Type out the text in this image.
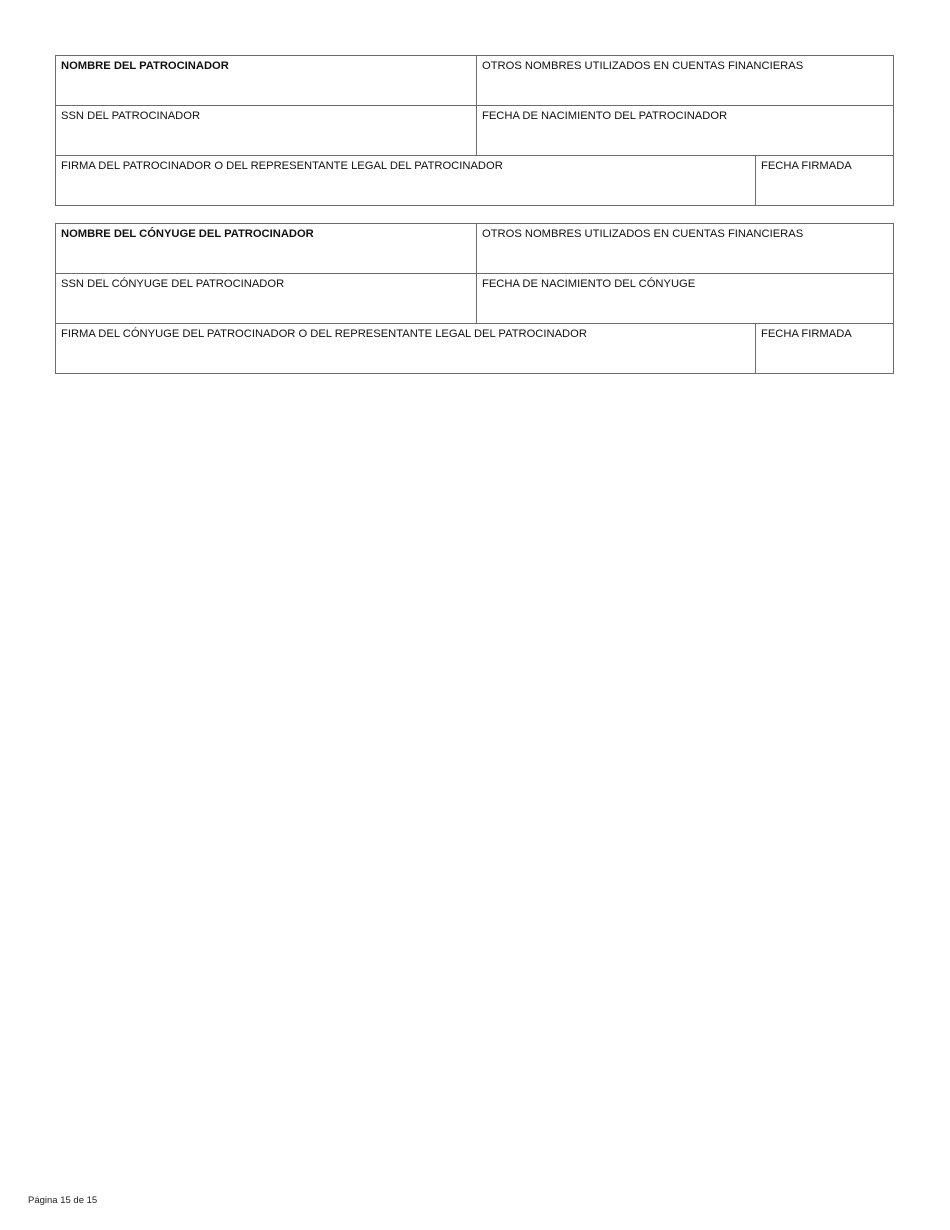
NOMBRE DEL PATROCINADOR	OTROS NOMBRES UTILIZADOS EN CUENTAS FINANCIERAS
SSN DEL PATROCINADOR	FECHA DE NACIMIENTO DEL PATROCINADOR
FIRMA DEL PATROCINADOR O DEL REPRESENTANTE LEGAL DEL PATROCINADOR	FECHA FIRMADA
NOMBRE DEL CÓNYUGE DEL PATROCINADOR	OTROS NOMBRES UTILIZADOS EN CUENTAS FINANCIERAS
SSN DEL CÓNYUGE DEL PATROCINADOR	FECHA DE NACIMIENTO DEL CÓNYUGE
FIRMA DEL CÓNYUGE DEL PATROCINADOR O DEL REPRESENTANTE LEGAL DEL PATROCINADOR	FECHA FIRMADA
Página 15 de 15
